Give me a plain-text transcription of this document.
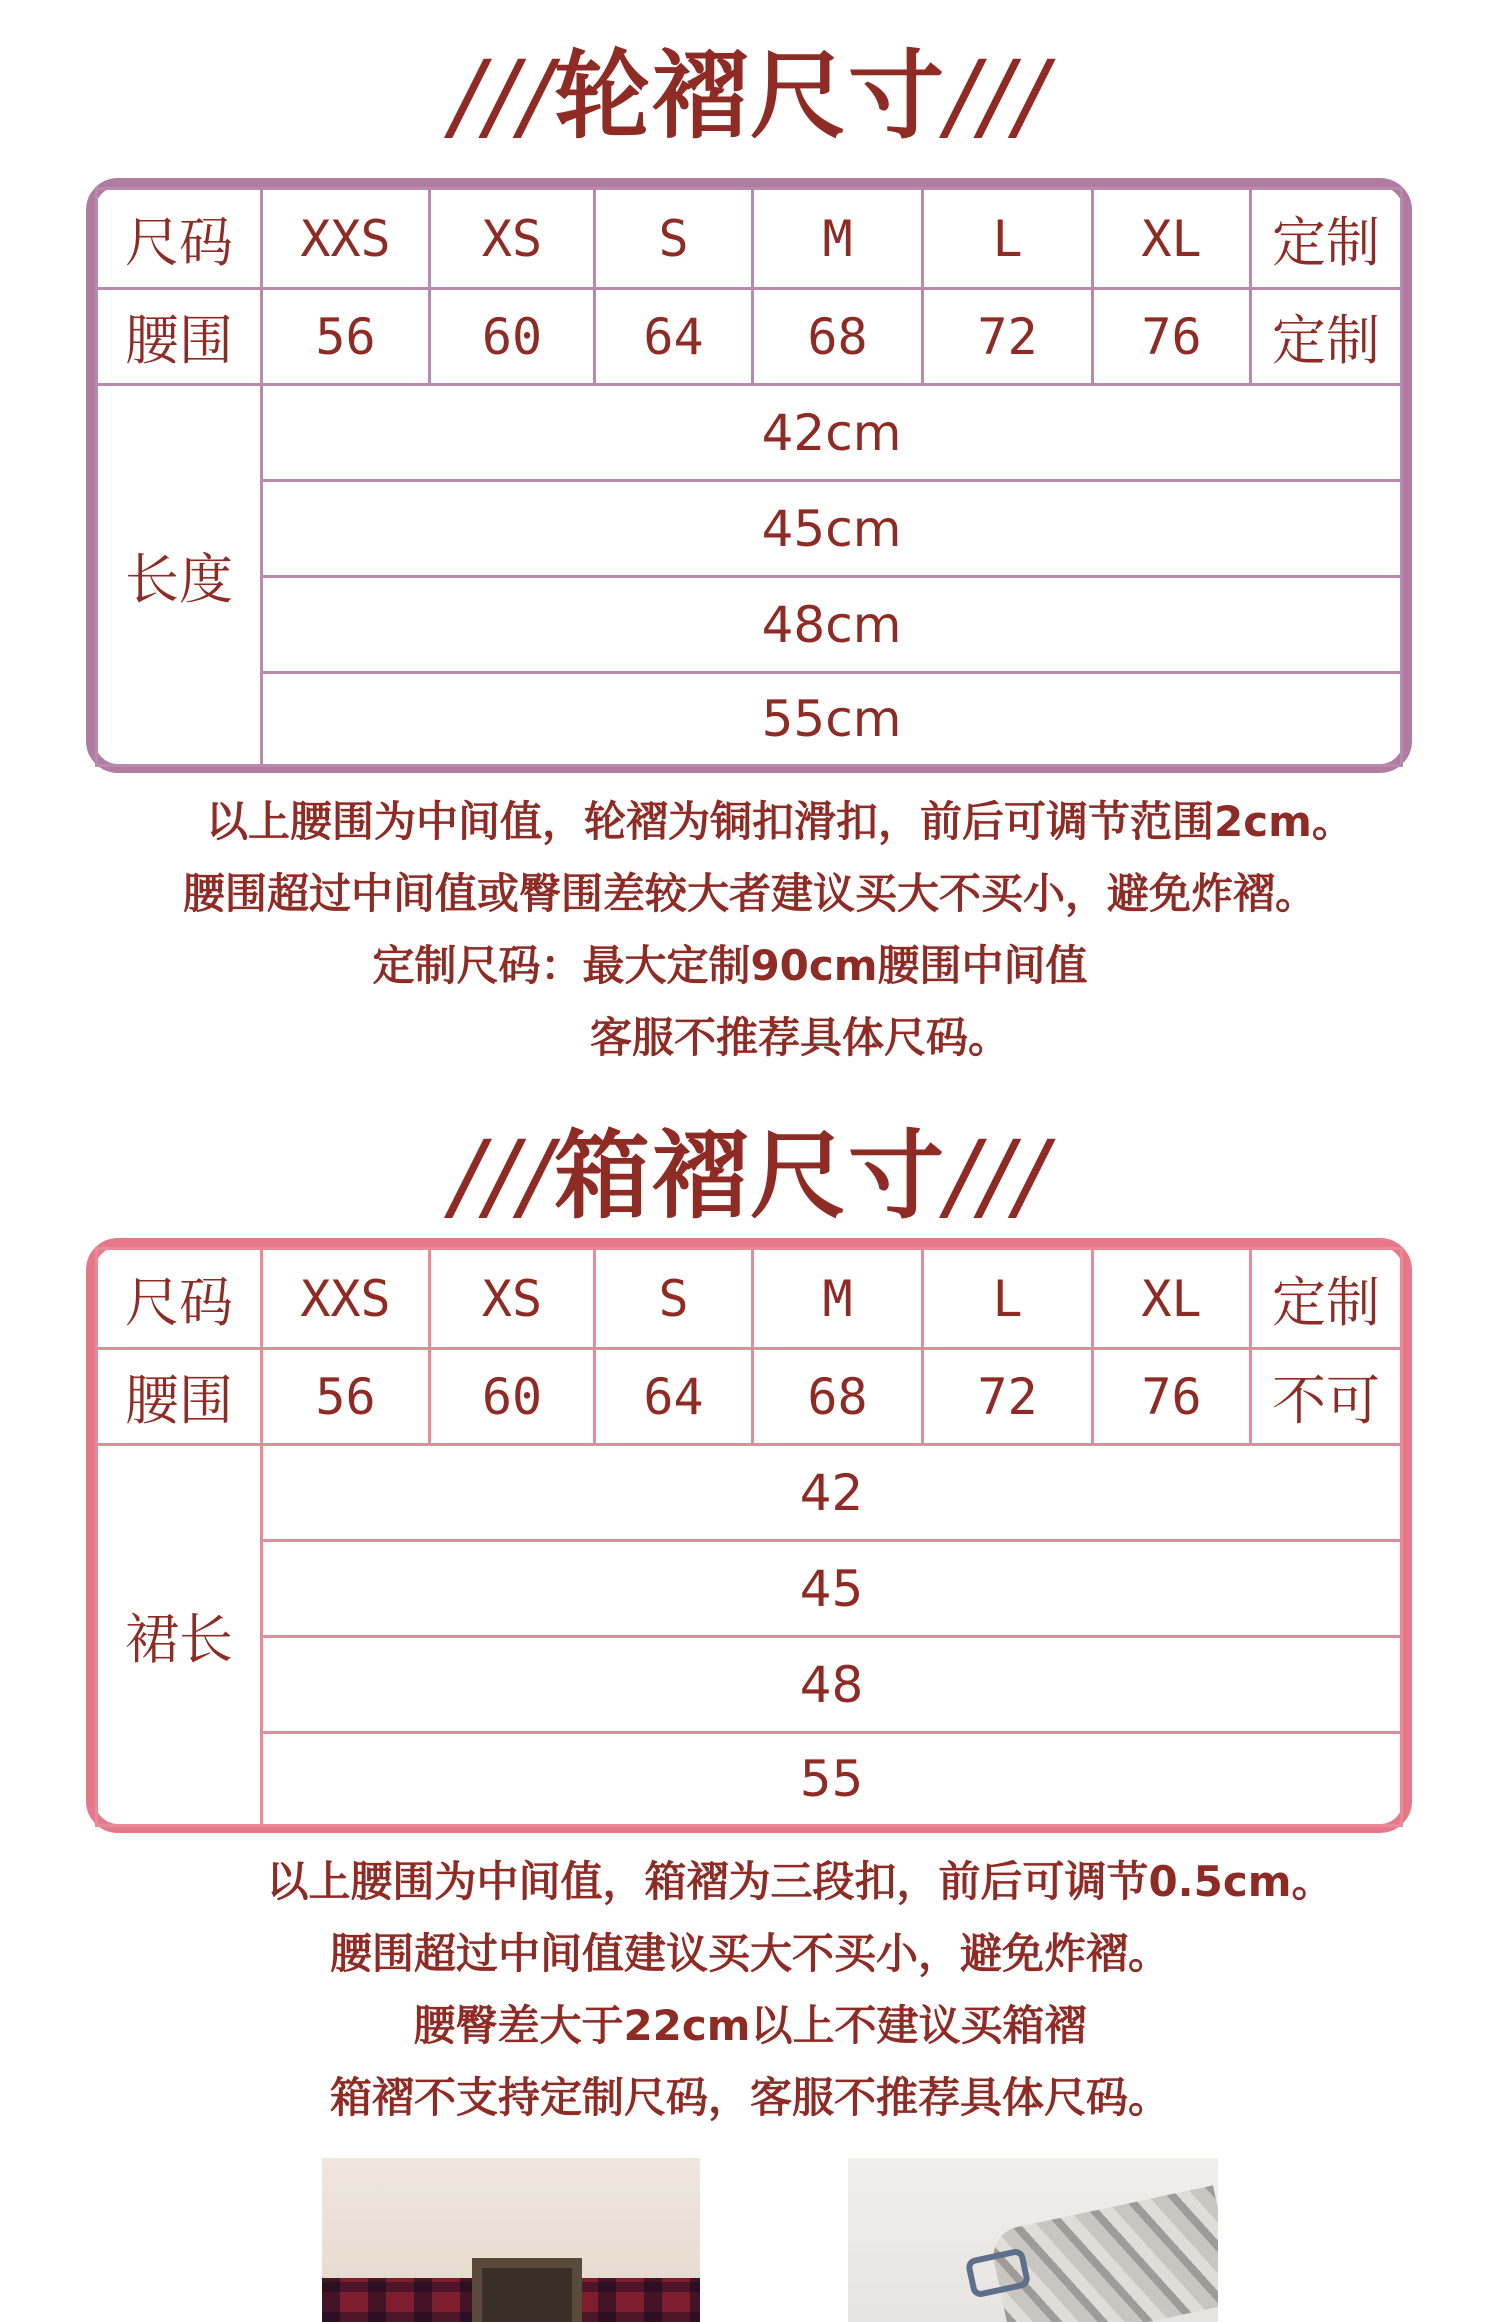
///轮褶尺寸///
尺码	XXS	XS	S	M	L	XL	定制
腰围	56	60	64	68	72	76	定制
长度	42cm						
	45cm						
	48cm						
	55cm						
以上腰围为中间值，轮褶为铜扣滑扣，前后可调节范围2cm。
腰围超过中间值或臀围差较大者建议买大不买小，避免炸褶。
定制尺码：最大定制90cm腰围中间值
客服不推荐具体尺码。
///箱褶尺寸///
尺码	XXS	XS	S	M	L	XL	定制
腰围	56	60	64	68	72	76	不可
裙长	42						
	45						
	48						
	55						
以上腰围为中间值，箱褶为三段扣，前后可调节0.5cm。
腰围超过中间值建议买大不买小，避免炸褶。
腰臀差大于22cm以上不建议买箱褶
箱褶不支持定制尺码，客服不推荐具体尺码。
